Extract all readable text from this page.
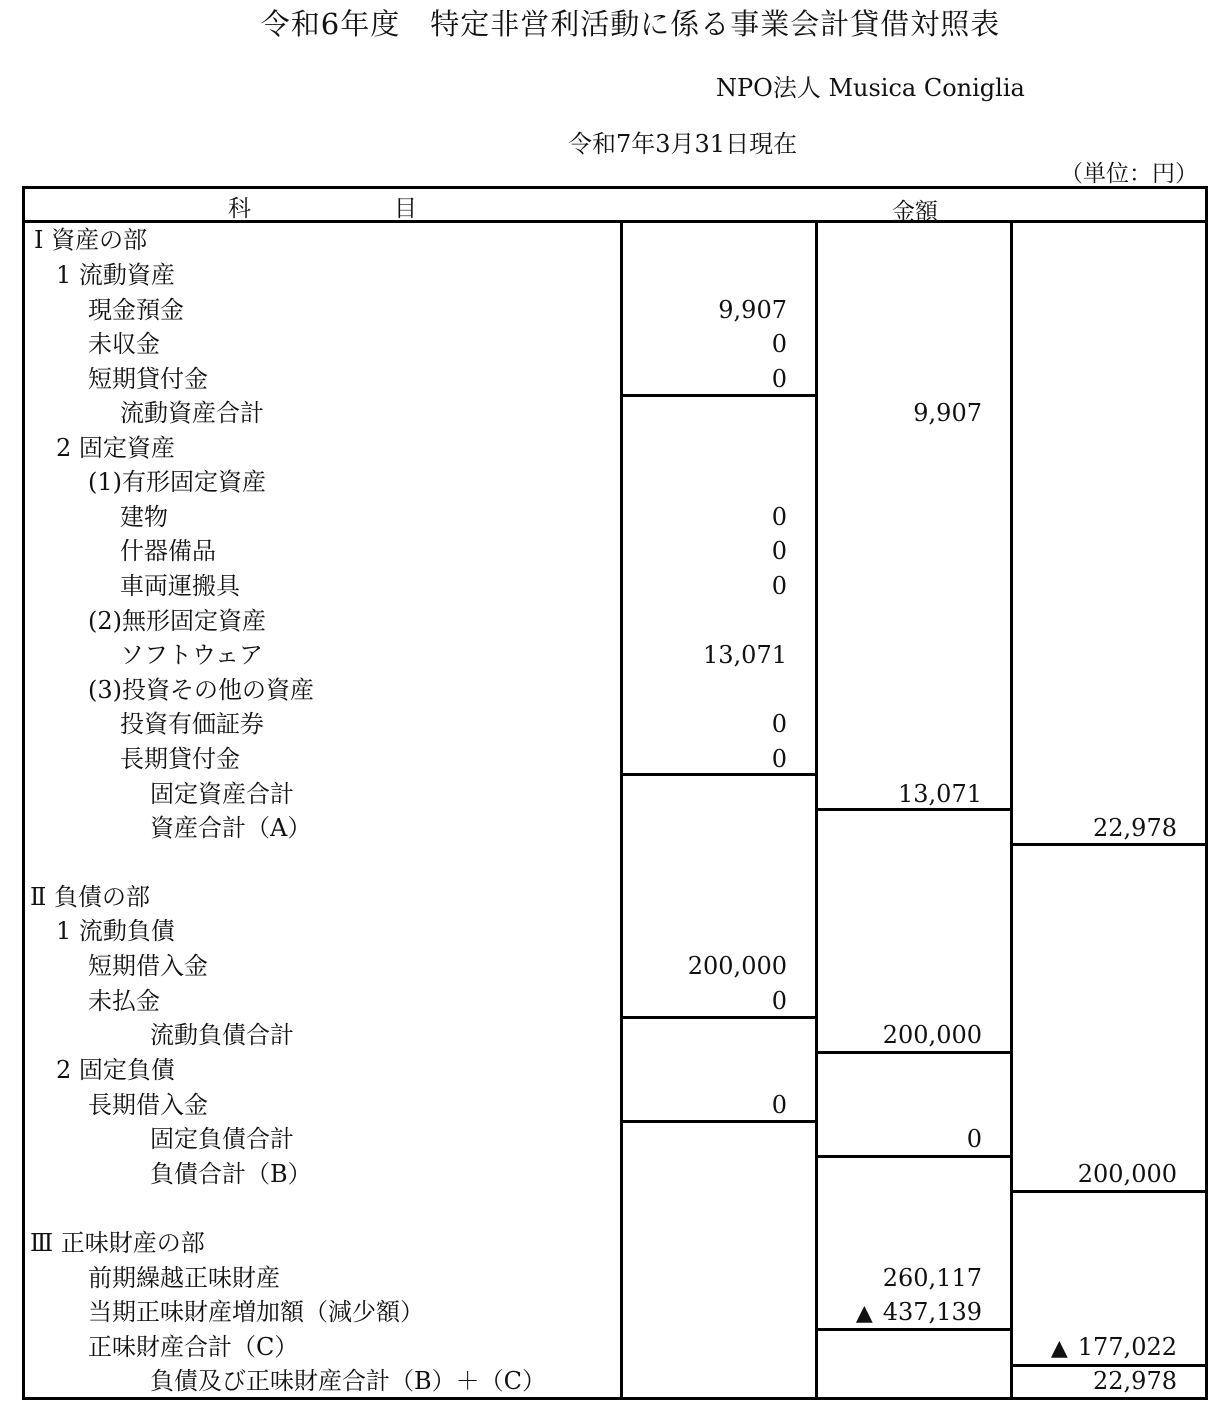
令和6年度　特定非営利活動に係る事業会計貸借対照表
NPO法人 Musica Coniglia
令和7年3月31日現在
（単位：円）
科	目	金額
Ⅰ 資産の部
1 流動資産
現金預金	9,907
未収金	0
短期貸付金	0
流動資産合計	9,907
2 固定資産
(1)有形固定資産
建物	0
什器備品	0
車両運搬具	0
(2)無形固定資産
ソフトウェア	13,071
(3)投資その他の資産
投資有価証券	0
長期貸付金	0
固定資産合計	13,071
資産合計（A）	22,978
Ⅱ 負債の部
1 流動負債
短期借入金	200,000
未払金	0
流動負債合計	200,000
2 固定負債
長期借入金	0
固定負債合計	0
負債合計（B）	200,000
Ⅲ 正味財産の部
前期繰越正味財産	260,117
当期正味財産増加額（減少額）	▲ 437,139
正味財産合計（C）	▲ 177,022
負債及び正味財産合計（B）＋（C）	22,978
